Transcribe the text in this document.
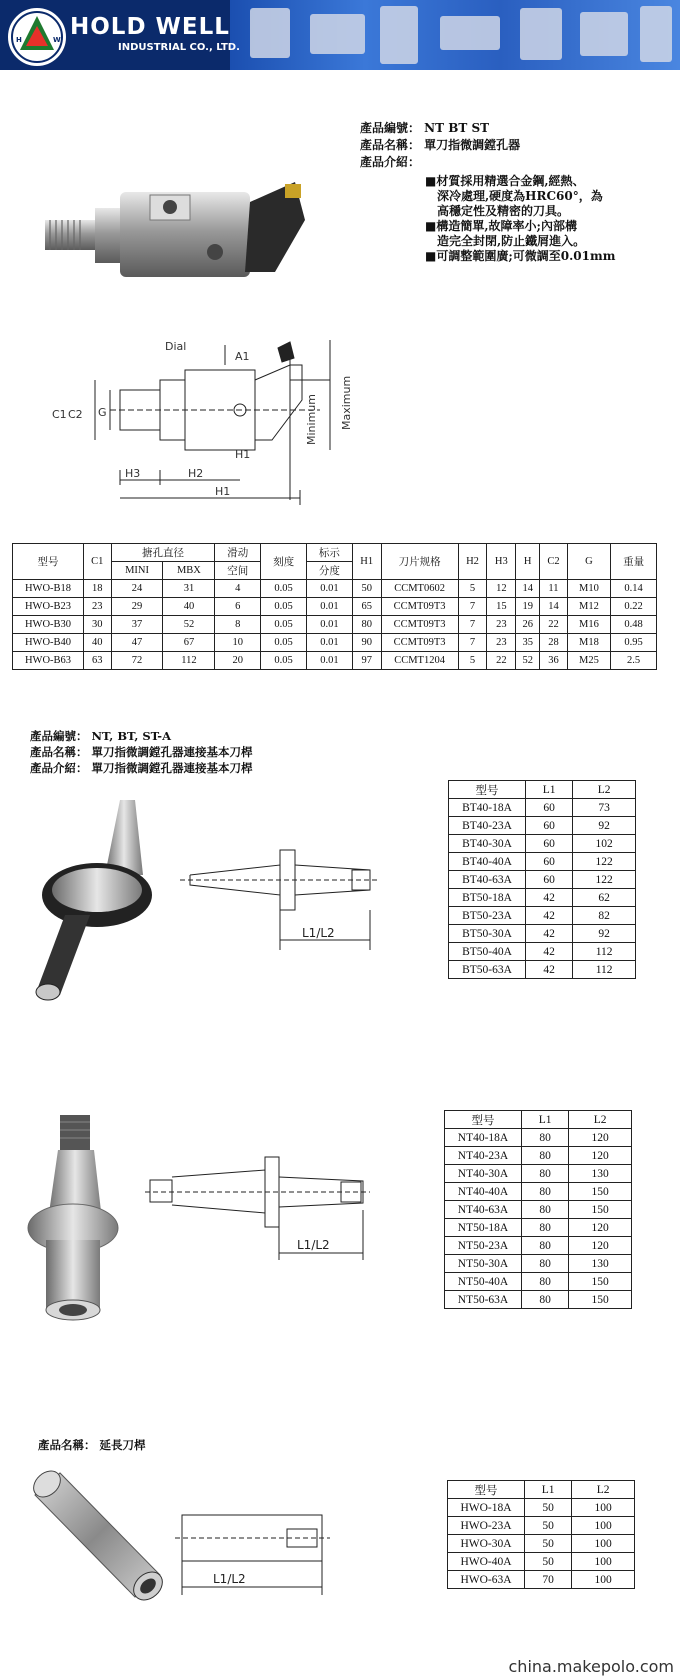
H	W HOLD WELL
INDUSTRIAL CO., LTD.
產品編號： NT BT ST
產品名稱： 單刀指微調鏜孔器
產品介紹：
■材質採用精選合金鋼,經熱、
深冷處理,硬度為HRC60°，為
高穩定性及精密的刀具。
■構造簡單,故障率小;內部構
造完全封閉,防止鐵屑進入。
■可調整範圍廣;可微調至0.01mm
Dial
A1
C1 C2 G
H3	H2
H1
H1
Minimum Maximum
型号	C1	搪孔直径		滑动	刻度	标示	H1	刀片规格	H2	H3	H	C2	G	重量
		MINI	MBX	空间		分度								
HWO-B18	18	24	31	4	0.05	0.01	50	CCMT0602	5	12	14	11	M10	0.14
HWO-B23	23	29	40	6	0.05	0.01	65	CCMT09T3	7	15	19	14	M12	0.22
HWO-B30	30	37	52	8	0.05	0.01	80	CCMT09T3	7	23	26	22	M16	0.48
HWO-B40	40	47	67	10	0.05	0.01	90	CCMT09T3	7	23	35	28	M18	0.95
HWO-B63	63	72	112	20	0.05	0.01	97	CCMT1204	5	22	52	36	M25	2.5
產品編號： NT, BT, ST-A
產品名稱： 單刀指微調鏜孔器連接基本刀桿
產品介紹： 單刀指微調鏜孔器連接基本刀桿
L1/L2
型号	L1	L2
BT40-18A	60	73
BT40-23A	60	92
BT40-30A	60	102
BT40-40A	60	122
BT40-63A	60	122
BT50-18A	42	62
BT50-23A	42	82
BT50-30A	42	92
BT50-40A	42	112
BT50-63A	42	112
L1/L2
型号	L1	L2
NT40-18A	80	120
NT40-23A	80	120
NT40-30A	80	130
NT40-40A	80	150
NT40-63A	80	150
NT50-18A	80	120
NT50-23A	80	120
NT50-30A	80	130
NT50-40A	80	150
NT50-63A	80	150
產品名稱： 延長刀桿
L1/L2
型号	L1	L2
HWO-18A	50	100
HWO-23A	50	100
HWO-30A	50	100
HWO-40A	50	100
HWO-63A	70	100
china.makepolo.com
